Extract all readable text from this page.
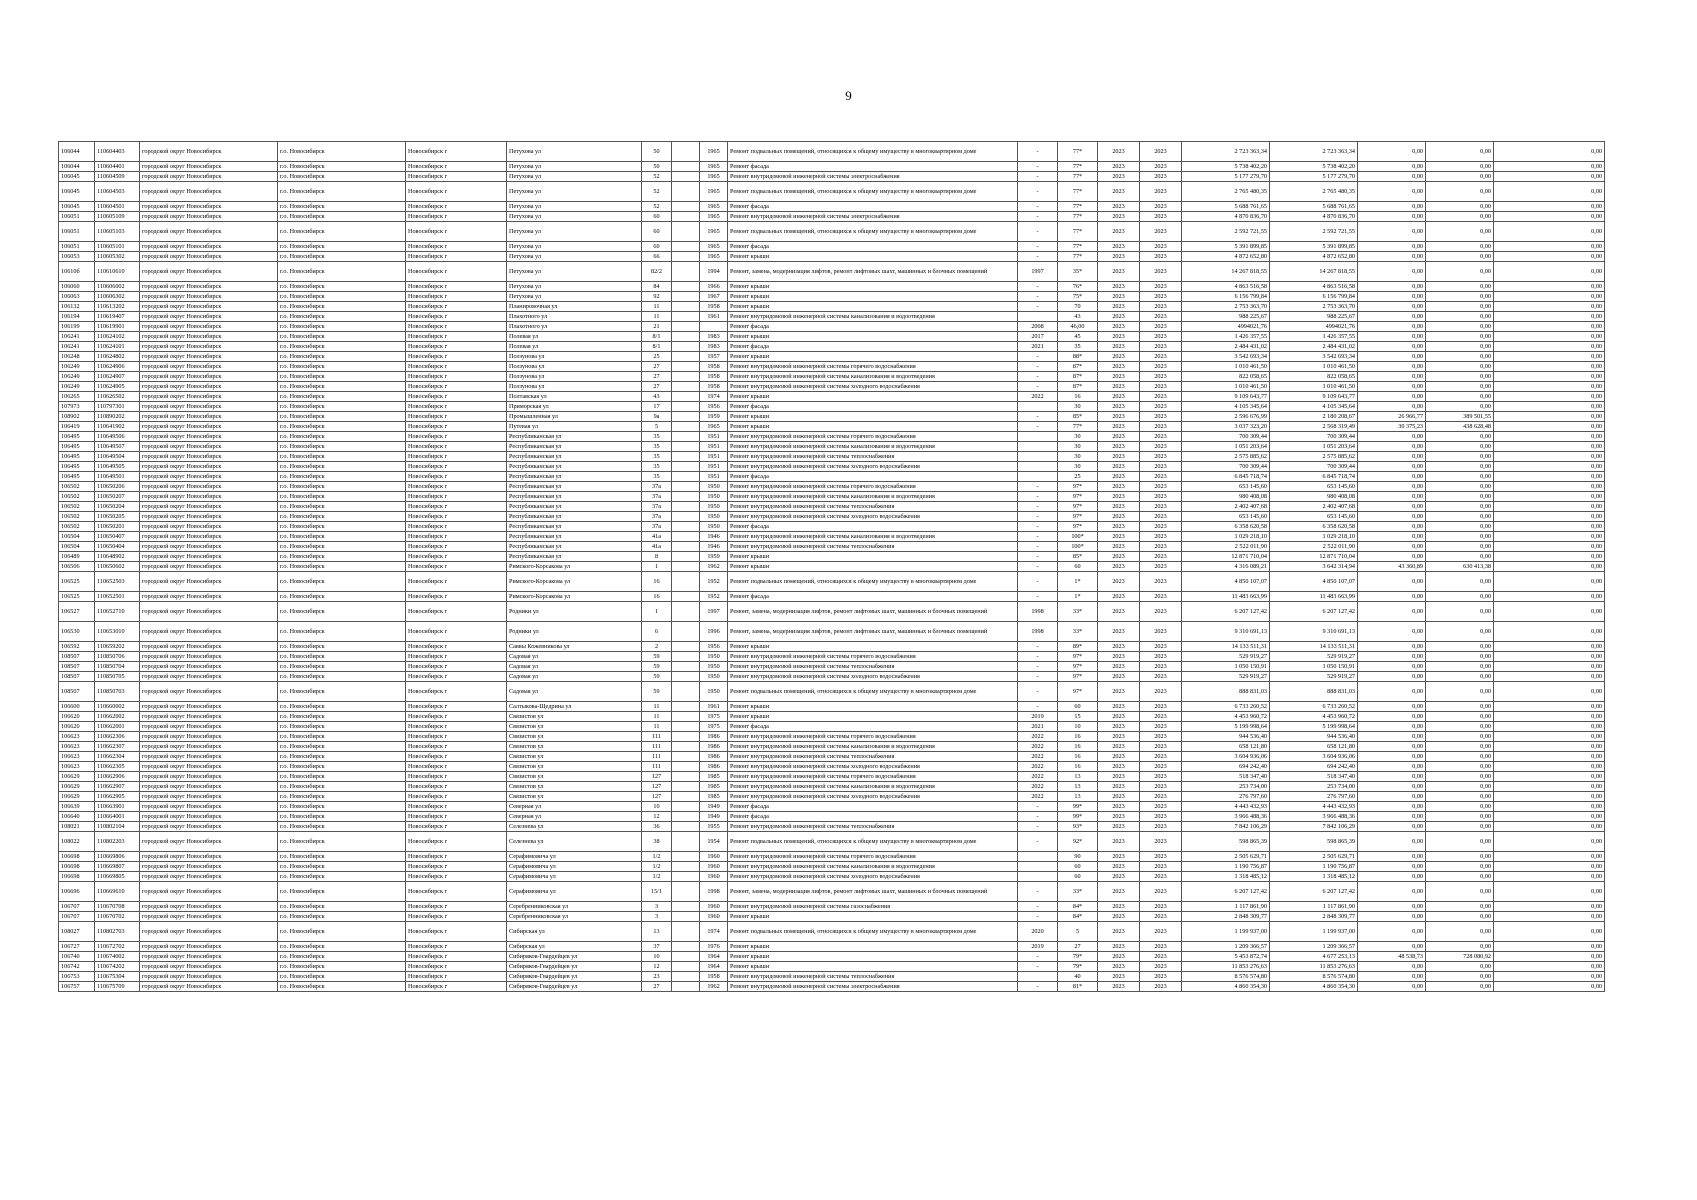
9
106044	110604403	городской округ Новосибирск	г.о. Новосибирск	Новосибирск г	Петухова ул	50		1965	Ремонт подвальных помещений, относящихся к общему имуществу в многоквартирном доме	-	77*	2023	2023	2 723 363,34	2 723 363,34	0,00	0,00	0,00
106044	110604401	городской округ Новосибирск	г.о. Новосибирск	Новосибирск г	Петухова ул	50		1965	Ремонт фасада	-	77*	2023	2023	5 738 402,20	5 738 402,20	0,00	0,00	0,00
106045	110604509	городской округ Новосибирск	г.о. Новосибирск	Новосибирск г	Петухова ул	52		1965	Ремонт внутридомовой инженерной системы электроснабжения	-	77*	2023	2023	5 177 279,70	5 177 279,70	0,00	0,00	0,00
106045	110604503	городской округ Новосибирск	г.о. Новосибирск	Новосибирск г	Петухова ул	52		1965	Ремонт подвальных помещений, относящихся к общему имуществу в многоквартирном доме	-	77*	2023	2023	2 765 480,35	2 765 480,35	0,00	0,00	0,00
106045	110604501	городской округ Новосибирск	г.о. Новосибирск	Новосибирск г	Петухова ул	52		1965	Ремонт фасада	-	77*	2023	2023	5 688 761,65	5 688 761,65	0,00	0,00	0,00
106051	110605109	городской округ Новосибирск	г.о. Новосибирск	Новосибирск г	Петухова ул	60		1965	Ремонт внутридомовой инженерной системы электроснабжения	-	77*	2023	2023	4 870 836,70	4 870 836,70	0,00	0,00	0,00
106051	110605103	городской округ Новосибирск	г.о. Новосибирск	Новосибирск г	Петухова ул	60		1965	Ремонт подвальных помещений, относящихся к общему имуществу в многоквартирном доме	-	77*	2023	2023	2 592 721,55	2 592 721,55	0,00	0,00	0,00
106051	110605101	городской округ Новосибирск	г.о. Новосибирск	Новосибирск г	Петухова ул	60		1965	Ремонт фасада	-	77*	2023	2023	5 391 899,85	5 391 899,85	0,00	0,00	0,00
106053	110605302	городской округ Новосибирск	г.о. Новосибирск	Новосибирск г	Петухова ул	66		1965	Ремонт крыши	-	77*	2023	2023	4 872 652,80	4 872 652,80	0,00	0,00	0,00
10610б	110610610	городской округ Новосибирск	г.о. Новосибирск	Новосибирск г	Петухова ул	82/2		1994	Ремонт, замена, модернизация лифтов, ремонт лифтовых шахт, машинных и блочных помещений	1997	35*	2023	2023	14 267 818,55	14 267 818,55	0,00	0,00	0,00
106060	110606002	городской округ Новосибирск	г.о. Новосибирск	Новосибирск г	Петухова ул	84		1966	Ремонт крыши	-	76*	2023	2023	4 863 516,58	4 863 516,58	0,00	0,00	0,00
106063	110606302	городской округ Новосибирск	г.о. Новосибирск	Новосибирск г	Петухова ул	92		1967	Ремонт крыши	-	75*	2023	2023	6 156 799,84	6 156 799,84	0,00	0,00	0,00
106132	110613202	городской округ Новосибирск	г.о. Новосибирск	Новосибирск г	Планировочная ул	11		1958	Ремонт крыши	-	70	2023	2023	2 753 363,70	2 753 363,70	0,00	0,00	0,00
106194	110619407	городской округ Новосибирск	г.о. Новосибирск	Новосибирск г	Плахотного ул	11		1961	Ремонт внутридомовой инженерной системы канализования и водоотведения		43	2023	2023	988 225,67	988 225,67	0,00	0,00	0,00
106199	110619901	городской округ Новосибирск	г.о. Новосибирск	Новосибирск г	Плахотного ул	21			Ремонт фасада	2008	46,00	2023	2023	4994021,76	4994021,76	0,00	0,00	0,00
106241	110624102	городской округ Новосибирск	г.о. Новосибирск	Новосибирск г	Полевая ул	8/1		1983	Ремонт крыши	2017	45	2023	2023	1 426 357,55	1 426 357,55	0,00	0,00	0,00
106241	110624101	городской округ Новосибирск	г.о. Новосибирск	Новосибирск г	Полевая ул	8/1		1983	Ремонт фасада	2021	35	2023	2023	2 484 431,02	2 484 431,02	0,00	0,00	0,00
106248	110624802	городской округ Новосибирск	г.о. Новосибирск	Новосибирск г	Ползунова ул	25		1957	Ремонт крыши	-	88*	2023	2023	3 542 693,34	3 542 693,34	0,00	0,00	0,00
106249	110624906	городской округ Новосибирск	г.о. Новосибирск	Новосибирск г	Ползунова ул	27		1958	Ремонт внутридомовой инженерной системы горячего водоснабжения	-	87*	2023	2023	1 010 461,50	1 010 461,50	0,00	0,00	0,00
106249	110624907	городской округ Новосибирск	г.о. Новосибирск	Новосибирск г	Ползунова ул	27		1958	Ремонт внутридомовой инженерной системы канализования и водоотведения	-	87*	2023	2023	822 058,65	822 058,65	0,00	0,00	0,00
106249	110624905	городской округ Новосибирск	г.о. Новосибирск	Новосибирск г	Ползунова ул	27		1958	Ремонт внутридомовой инженерной системы холодного водоснабжения	-	87*	2023	2023	1 010 461,50	1 010 461,50	0,00	0,00	0,00
106265	110626502	городской округ Новосибирск	г.о. Новосибирск	Новосибирск г	Полтавская ул	43		1974	Ремонт крыши	2022	16	2023	2023	9 109 643,77	9 109 643,77	0,00	0,00	0,00
107973	110797301	городской округ Новосибирск	г.о. Новосибирск	Новосибирск г	Приморская ул	17		1956	Ремонт фасада		30	2023	2023	4 105 345,64	4 105 345,64	0,00	0,00	0,00
108902	110890202	городской округ Новосибирск	г.о. Новосибирск	Новосибирск г	Промышленная ул	9а		1959	Ремонт крыши	-	85*	2023	2023	2 596 676,99	2 180 208,67	26 966,77	389 501,55	0,00
106419	110641902	городской округ Новосибирск	г.о. Новосибирск	Новосибирск г	Путевая ул	5		1965	Ремонт крыши	-	77*	2023	2023	3 037 323,20	2 568 319,49	30 375,23	438 628,48	0,00
106495	110649506	городской округ Новосибирск	г.о. Новосибирск	Новосибирск г	Республиканская ул	35		1951	Ремонт внутридомовой инженерной системы горячего водоснабжения		30	2023	2023	700 309,44	700 309,44	0,00	0,00	0,00
106495	110649507	городской округ Новосибирск	г.о. Новосибирск	Новосибирск г	Республиканская ул	35		1951	Ремонт внутридомовой инженерной системы канализования и водоотведения		30	2023	2023	1 051 203,64	1 051 203,64	0,00	0,00	0,00
106495	110649504	городской округ Новосибирск	г.о. Новосибирск	Новосибирск г	Республиканская ул	35		1951	Ремонт внутридомовой инженерной системы теплоснабжения		30	2023	2023	2 575 885,62	2 575 885,62	0,00	0,00	0,00
106495	110649505	городской округ Новосибирск	г.о. Новосибирск	Новосибирск г	Республиканская ул	35		1951	Ремонт внутридомовой инженерной системы холодного водоснабжения		30	2023	2023	700 309,44	700 309,44	0,00	0,00	0,00
106495	110649501	городской округ Новосибирск	г.о. Новосибирск	Новосибирск г	Республиканская ул	35		1951	Ремонт фасада		25	2023	2023	6 845 718,74	6 845 718,74	0,00	0,00	0,00
106502	110650206	городской округ Новосибирск	г.о. Новосибирск	Новосибирск г	Республиканская ул	37а		1950	Ремонт внутридомовой инженерной системы горячего водоснабжения	-	97*	2023	2023	653 145,60	653 145,60	0,00	0,00	0,00
106502	110650207	городской округ Новосибирск	г.о. Новосибирск	Новосибирск г	Республиканская ул	37а		1950	Ремонт внутридомовой инженерной системы канализования и водоотведения	-	97*	2023	2023	980 408,08	980 408,08	0,00	0,00	0,00
106502	110650204	городской округ Новосибирск	г.о. Новосибирск	Новосибирск г	Республиканская ул	37а		1950	Ремонт внутридомовой инженерной системы теплоснабжения	-	97*	2023	2023	2 402 407,68	2 402 407,68	0,00	0,00	0,00
106502	110650205	городской округ Новосибирск	г.о. Новосибирск	Новосибирск г	Республиканская ул	37а		1950	Ремонт внутридомовой инженерной системы холодного водоснабжения	-	97*	2023	2023	653 145,60	653 145,60	0,00	0,00	0,00
106502	110650201	городской округ Новосибирск	г.о. Новосибирск	Новосибирск г	Республиканская ул	37а		1950	Ремонт фасада	-	97*	2023	2023	6 358 620,58	6 358 620,58	0,00	0,00	0,00
106504	110650407	городской округ Новосибирск	г.о. Новосибирск	Новосибирск г	Республиканская ул	41а		1946	Ремонт внутридомовой инженерной системы канализования и водоотведения	-	100*	2023	2023	1 029 218,10	1 029 218,10	0,00	0,00	0,00
106504	110650404	городской округ Новосибирск	г.о. Новосибирск	Новосибирск г	Республиканская ул	41а		1946	Ремонт внутридомовой инженерной системы теплоснабжения	-	100*	2023	2023	2 522 011,90	2 522 011,90	0,00	0,00	0,00
106489	110648902	городской округ Новосибирск	г.о. Новосибирск	Новосибирск г	Республиканская ул	8		1959	Ремонт крыши	-	85*	2023	2023	12 871 710,04	12 871 710,04	0,00	0,00	0,00
106506	110650602	городской округ Новосибирск	г.о. Новосибирск	Новосибирск г	Римского-Корсакова ул	1		1962	Ремонт крыши	-	60	2023	2023	4 316 089,21	3 642 314,94	43 360,89	630 413,38	0,00
106525	110652503	городской округ Новосибирск	г.о. Новосибирск	Новосибирск г	Римского-Корсакова ул	16		1952	Ремонт подвальных помещений, относящихся к общему имуществу в многоквартирном доме	-	1*	2023	2023	4 850 107,07	4 850 107,07	0,00	0,00	0,00
106525	110652501	городской округ Новосибирск	г.о. Новосибирск	Новосибирск г	Римского-Корсакова ул	16		1952	Ремонт фасада	-	1*	2023	2023	11 483 663,99	11 483 663,99	0,00	0,00	0,00
106527	110652710	городской округ Новосибирск	г.о. Новосибирск	Новосибирск г	Родники ул	1		1997	Ремонт, замена, модернизация лифтов, ремонт лифтовых шахт, машинных и блочных помещений	1998	33*	2023	2023	6 207 127,42	6 207 127,42	0,00	0,00	0,00
106530	110653010	городской округ Новосибирск	г.о. Новосибирск	Новосибирск г	Родники ул	6		1996	Ремонт, замена, модернизация лифтов, ремонт лифтовых шахт, машинных и блочных помещений	1998	33*	2023	2023	9 310 691,13	9 310 691,13	0,00	0,00	0,00
106592	110659202	городской округ Новосибирск	г.о. Новосибирск	Новосибирск г	Саввы Кожевникова ул	2		1956	Ремонт крыши	-	89*	2023	2023	14 133 511,31	14 133 511,31	0,00	0,00	0,00
108507	110850706	городской округ Новосибирск	г.о. Новосибирск	Новосибирск г	Садовая ул	59		1950	Ремонт внутридомовой инженерной системы горячего водоснабжения	-	97*	2023	2023	529 919,27	529 919,27	0,00	0,00	0,00
108507	110850704	городской округ Новосибирск	г.о. Новосибирск	Новосибирск г	Садовая ул	59		1950	Ремонт внутридомовой инженерной системы теплоснабжения	-	97*	2023	2023	1 050 150,91	1 050 150,91	0,00	0,00	0,00
108507	110850705	городской округ Новосибирск	г.о. Новосибирск	Новосибирск г	Садовая ул	59		1950	Ремонт внутридомовой инженерной системы холодного водоснабжения	-	97*	2023	2023	529 919,27	529 919,27	0,00	0,00	0,00
108507	110850703	городской округ Новосибирск	г.о. Новосибирск	Новосибирск г	Садовая ул	59		1950	Ремонт подвальных помещений, относящихся к общему имуществу в многоквартирном доме	-	97*	2023	2023	888 831,03	888 831,03	0,00	0,00	0,00
106600	110660002	городской округ Новосибирск	г.о. Новосибирск	Новосибирск г	Салтыкова-Щедрина ул	11		1961	Ремонт крыши	-	60	2023	2023	6 733 260,52	6 733 260,52	0,00	0,00	0,00
106620	110662002	городской округ Новосибирск	г.о. Новосибирск	Новосибирск г	Связистов ул	11		1975	Ремонт крыши	2019	15	2023	2023	4 453 960,72	4 453 960,72	0,00	0,00	0,00
106620	110662001	городской округ Новосибирск	г.о. Новосибирск	Новосибирск г	Связистов ул	11		1975	Ремонт фасада	2021	10	2023	2023	5 199 998,64	5 199 998,64	0,00	0,00	0,00
106623	110662306	городской округ Новосибирск	г.о. Новосибирск	Новосибирск г	Связистов ул	111		1986	Ремонт внутридомовой инженерной системы горячего водоснабжения	2022	16	2023	2023	944 536,40	944 536,40	0,00	0,00	0,00
106623	110662307	городской округ Новосибирск	г.о. Новосибирск	Новосибирск г	Связистов ул	111		1986	Ремонт внутридомовой инженерной системы канализования и водоотведения	2022	16	2023	2023	658 121,80	658 121,80	0,00	0,00	0,00
106623	110662304	городской округ Новосибирск	г.о. Новосибирск	Новосибирск г	Связистов ул	111		1986	Ремонт внутридомовой инженерной системы теплоснабжения	2022	16	2023	2023	3 604 936,06	3 604 936,06	0,00	0,00	0,00
106623	110662305	городской округ Новосибирск	г.о. Новосибирск	Новосибирск г	Связистов ул	111		1986	Ремонт внутридомовой инженерной системы холодного водоснабжения	2022	16	2023	2023	694 242,40	694 242,40	0,00	0,00	0,00
106629	110662906	городской округ Новосибирск	г.о. Новосибирск	Новосибирск г	Связистов ул	127		1985	Ремонт внутридомовой инженерной системы горячего водоснабжения	2022	13	2023	2023	518 347,40	518 347,40	0,00	0,00	0,00
106629	110662907	городской округ Новосибирск	г.о. Новосибирск	Новосибирск г	Связистов ул	127		1985	Ремонт внутридомовой инженерной системы канализования и водоотведения	2022	13	2023	2023	253 734,00	253 734,00	0,00	0,00	0,00
106629	110662905	городской округ Новосибирск	г.о. Новосибирск	Новосибирск г	Связистов ул	127		1985	Ремонт внутридомовой инженерной системы холодного водоснабжения	2022	13	2023	2023	276 797,60	276 797,60	0,00	0,00	0,00
106639	110663901	городской округ Новосибирск	г.о. Новосибирск	Новосибирск г	Северная ул	10		1949	Ремонт фасада	-	99*	2023	2023	4 443 432,93	4 443 432,93	0,00	0,00	0,00
106640	110664001	городской округ Новосибирск	г.о. Новосибирск	Новосибирск г	Северная ул	12		1949	Ремонт фасада	-	99*	2023	2023	3 966 488,36	3 966 488,36	0,00	0,00	0,00
108021	110802104	городской округ Новосибирск	г.о. Новосибирск	Новосибирск г	Селезнева ул	36		1955	Ремонт внутридомовой инженерной системы теплоснабжения	-	93*	2023	2023	7 842 106,29	7 842 106,29	0,00	0,00	0,00
108022	110802203	городской округ Новосибирск	г.о. Новосибирск	Новосибирск г	Селезнева ул	38		1954	Ремонт подвальных помещений, относящихся к общему имуществу в многоквартирном доме	-	92*	2023	2023	598 865,39	598 865,39	0,00	0,00	0,00
106698	110669806	городской округ Новосибирск	г.о. Новосибирск	Новосибирск г	Серафимовича ул	1/2		1960	Ремонт внутридомовой инженерной системы горячего водоснабжения		90	2023	2023	2 505 629,71	2 505 629,71	0,00	0,00	0,00
106698	110669807	городской округ Новосибирск	г.о. Новосибирск	Новосибирск г	Серафимовича ул	1/2		1960	Ремонт внутридомовой инженерной системы канализования и водоотведения		60	2023	2023	1 190 756,87	1 190 756,87	0,00	0,00	0,00
106698	110669805	городской округ Новосибирск	г.о. Новосибирск	Новосибирск г	Серафимовича ул	1/2		1960	Ремонт внутридомовой инженерной системы холодного водоснабжения		60	2023	2023	1 318 485,12	1 318 485,12	0,00	0,00	0,00
106696	110669610	городской округ Новосибирск	г.о. Новосибирск	Новосибирск г	Серафимовича ул	15/1		1998	Ремонт, замена, модернизация лифтов, ремонт лифтовых шахт, машинных и блочных помещений	-	33*	2023	2023	6 207 127,42	6 207 127,42	0,00	0,00	0,00
106707	110670708	городской округ Новосибирск	г.о. Новосибирск	Новосибирск г	Серебренниковская ул	3		1960	Ремонт внутридомовой инженерной системы газоснабжения	-	84*	2023	2023	1 117 861,90	1 117 861,90	0,00	0,00	0,00
106707	110670702	городской округ Новосибирск	г.о. Новосибирск	Новосибирск г	Серебренниковская ул	3		1960	Ремонт крыши	-	84*	2023	2023	2 848 309,77	2 848 309,77	0,00	0,00	0,00
108027	110802703	городской округ Новосибирск	г.о. Новосибирск	Новосибирск г	Сибирская ул	13		1974	Ремонт подвальных помещений, относящихся к общему имуществу в многоквартирном доме	2020	5	2023	2023	1 199 937,00	1 199 937,00	0,00	0,00	0,00
106727	110672702	городской округ Новосибирск	г.о. Новосибирск	Новосибирск г	Сибирская ул	37		1976	Ремонт крыши	2019	27	2023	2023	1 209 366,57	1 209 366,57	0,00	0,00	0,00
106740	110674002	городской округ Новосибирск	г.о. Новосибирск	Новосибирск г	Сибиряков-Гвардейцев ул	10		1964	Ремонт крыши	-	79*	2023	2023	5 453 872,74	4 677 253,13	48 538,73	728 080,92	0,00
106742	110674202	городской округ Новосибирск	г.о. Новосибирск	Новосибирск г	Сибиряков-Гвардейцев ул	12		1964	Ремонт крыши	-	79*	2023	2023	11 853 276,63	11 853 276,63	0,00	0,00	0,00
106753	110675304	городской округ Новосибирск	г.о. Новосибирск	Новосибирск г	Сибиряков-Гвардейцев ул	23		1958	Ремонт внутридомовой инженерной системы теплоснабжения		40	2023	2023	8 576 574,80	8 576 574,80	0,00	0,00	0,00
106757	110675709	городской округ Новосибирск	г.о. Новосибирск	Новосибирск г	Сибиряков-Гвардейцев ул	27		1962	Ремонт внутридомовой инженерной системы электроснабжения	-	81*	2023	2023	4 860 354,30	4 860 354,30	0,00	0,00	0,00
